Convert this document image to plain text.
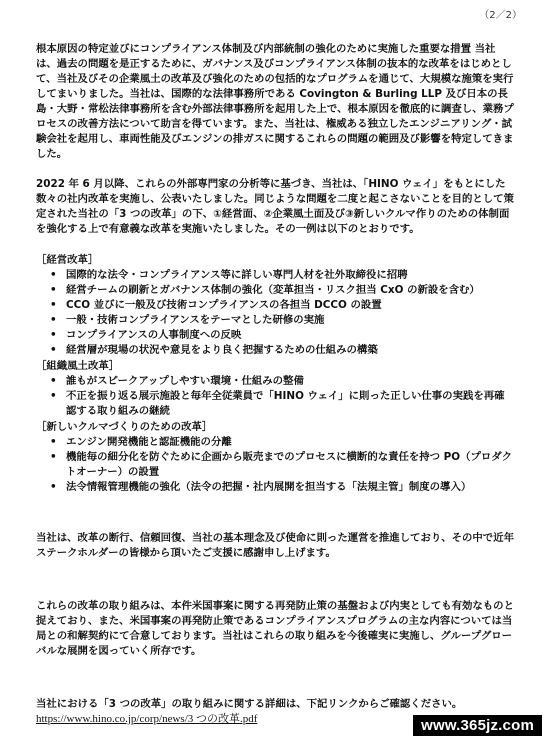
（2／2）

根本原因の特定並びにコンプライアンス体制及び内部統制の強化のために実施した重要な措置 当社は、過去の問題を是正するために、ガバナンス及びコンプライアンス体制の抜本的な改革をはじめとして、当社及びその企業風土の改革及び強化のための包括的なプログラムを通じて、大規模な施策を実行してまいりました。当社は、国際的な法律事務所である Covington & Burling LLP 及び日本の長島・大野・常松法律事務所を含む外部法律事務所を起用した上で、根本原因を徹底的に調査し、業務プロセスの改善方法について助言を得ています。また、当社は、権威ある独立したエンジニアリング・試験会社を起用し、車両性能及びエンジンの排ガスに関するこれらの問題の範囲及び影響を特定してきました。

2022 年 6 月以降、これらの外部専門家の分析等に基づき、当社は、「HINO ウェイ」をもとにした数々の社内改革を実施し、公表いたしました。同じような問題を二度と起こさないことを目的として策定された当社の「3 つの改革」の下、①経営面、②企業風土面及び③新しいクルマ作りのための体制面を強化する上で有意義な改革を実施いたしました。その一例は以下のとおりです。

［経営改革］
• 国際的な法令・コンプライアンス等に詳しい専門人材を社外取締役に招聘
• 経営チームの刷新とガバナンス体制の強化（変革担当・リスク担当 CxO の新設を含む）
• CCO 並びに一般及び技術コンプライアンスの各担当 DCCO の設置
• 一般・技術コンプライアンスをテーマとした研修の実施
• コンプライアンスの人事制度への反映
• 経営層が現場の状況や意見をより良く把握するための仕組みの構築
［組織風土改革］
• 誰もがスピークアップしやすい環境・仕組みの整備
• 不正を振り返る展示施設と毎年全従業員で「HINO ウェイ」に則った正しい仕事の実践を再確認する取り組みの継続
［新しいクルマづくりのための改革］
• エンジン開発機能と認証機能の分離
• 機能毎の細分化を防ぐために企画から販売までのプロセスに横断的な責任を持つ PO（プロダクトオーナー）の設置
• 法令情報管理機能の強化（法令の把握・社内展開を担当する「法規主管」制度の導入）

当社は、改革の断行、信頼回復、当社の基本理念及び使命に則った運営を推進しており、その中で近年ステークホルダーの皆様から頂いたご支援に感謝申し上げます。

これらの改革の取り組みは、本件米国事案に関する再発防止策の基盤および内実としても有効なものと捉えており、また、米国事案の再発防止策であるコンプライアンスプログラムの主な内容については当局との和解契約にて合意しております。当社はこれらの取り組みを今後確実に実施し、グループグローバルな展開を図っていく所存です。

当社における「3 つの改革」の取り組みに関する詳細は、下記リンクからご確認ください。

https://www.hino.co.jp/corp/news/3 つの改革.pdf	www.365jz.com
